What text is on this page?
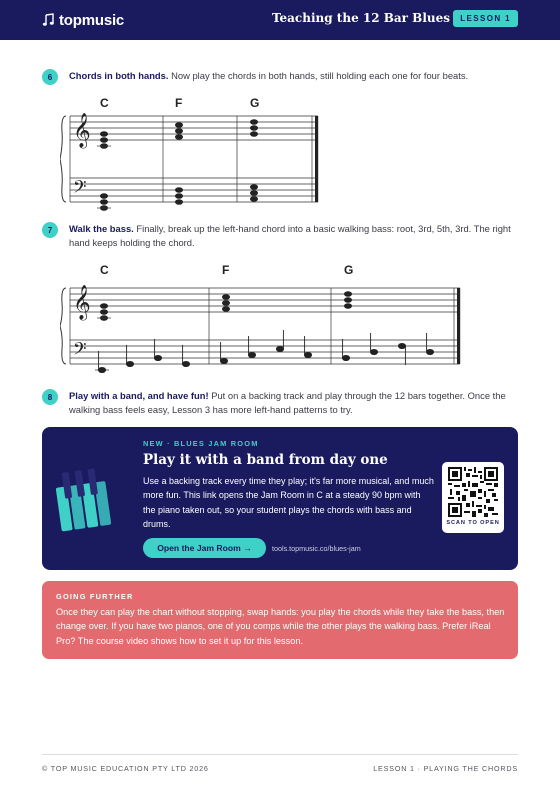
topmusic	Teaching the 12 Bar Blues	LESSON 1
6	Chords in both hands. Now play the chords in both hands, still holding each one for four beats.
C	F	G
𝄞
𝄢
7	Walk the bass. Finally, break up the left-hand chord into a basic walking bass: root, 3rd, 5th, 3rd. The right hand keeps holding the chord.
C	F	G
𝄞
𝄢
8	Play with a band, and have fun! Put on a backing track and play through the 12 bars together. Once the walking bass feels easy, Lesson 3 has more left-hand patterns to try.
NEW · BLUES JAM ROOM
Play it with a band from day one
Use a backing track every time they play; it's far more musical, and much more fun. This link opens the Jam Room in C at a steady 90 bpm with the piano taken out, so your student plays the chords with bass and drums.
Open the Jam Room →	tools.topmusic.co/blues-jam
SCAN TO OPEN
GOING FURTHER
Once they can play the chart without stopping, swap hands: you play the chords while they take the bass, then change over. If you have two pianos, one of you comps while the other plays the walking bass. Prefer iReal Pro? The course video shows how to set it up for this lesson.
© TOP MUSIC EDUCATION PTY LTD 2026	LESSON 1 · PLAYING THE CHORDS
